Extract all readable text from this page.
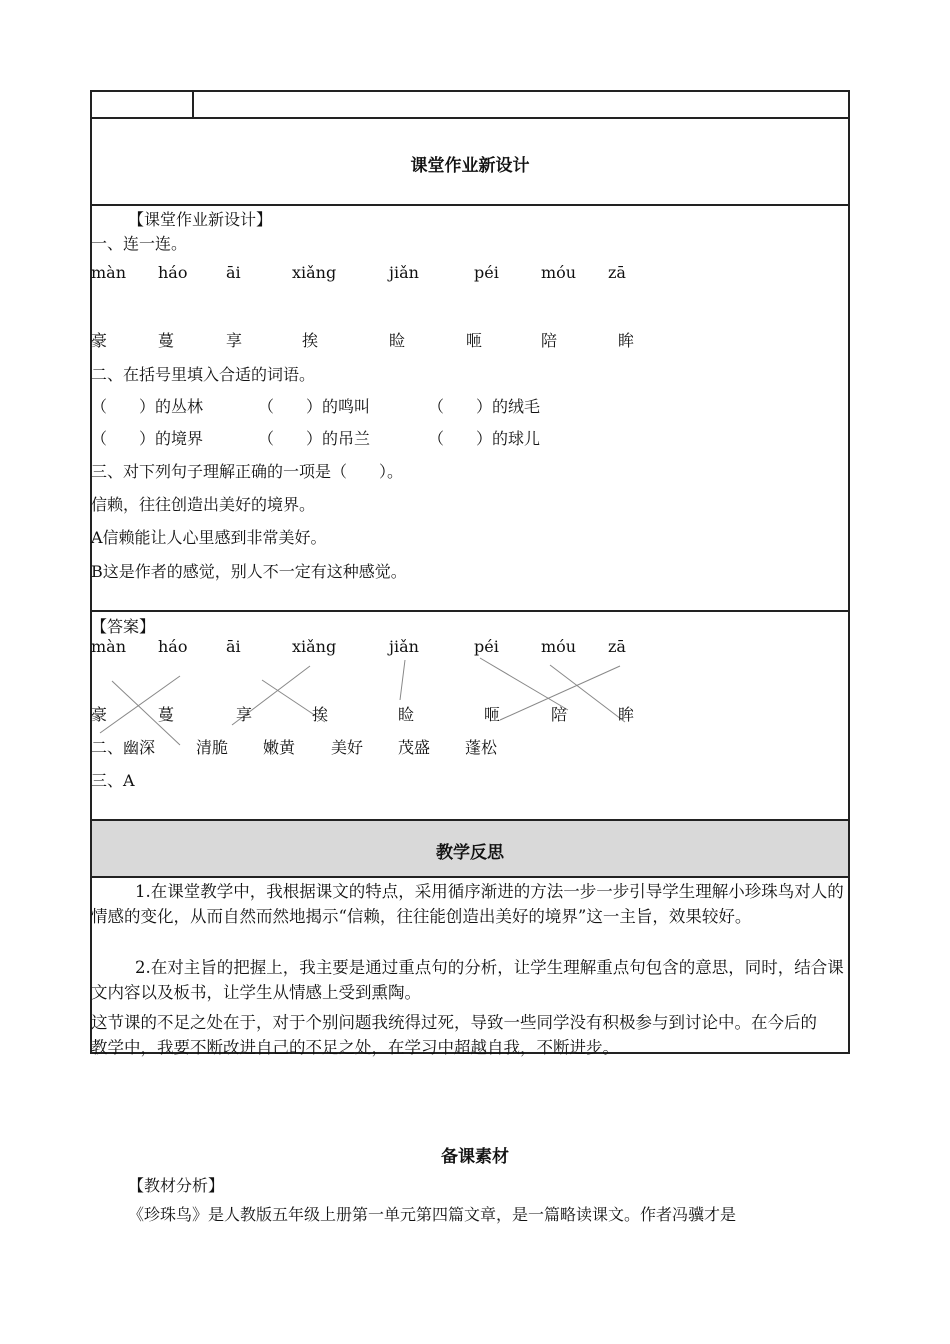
课堂作业新设计
【课堂作业新设计】
一、连一连。
màn háo āi	xiǎng	jiǎn	péi	móu zā
豪	蔓	享	挨	睑	咂	陪	眸
二、在括号里填入合适的词语。
（　　）的丛林	（　　）的鸣叫	（　　）的绒毛
（　　）的境界	（　　）的吊兰	（　　）的球儿
三、对下列句子理解正确的一项是（　　）。
信赖，往往创造出美好的境界。
A信赖能让人心里感到非常美好。
B这是作者的感觉，别人不一定有这种感觉。
【答案】
màn háo āi	xiǎng	jiǎn	péi	móu zā
豪	蔓	享	挨	睑	咂	陪	眸
二、幽深	清脆 嫩黄 美好 茂盛 蓬松
三、A
教学反思
1.在课堂教学中，我根据课文的特点，采用循序渐进的方法一步一步引导学生理解小珍珠鸟对人的情感的变化，从而自然而然地揭示“信赖，往往能创造出美好的境界”这一主旨，效果较好。
2.在对主旨的把握上，我主要是通过重点句的分析，让学生理解重点句包含的意思，同时，结合课文内容以及板书，让学生从情感上受到熏陶。
这节课的不足之处在于，对于个别问题我统得过死，导致一些同学没有积极参与到讨论中。在今后的教学中，我要不断改进自己的不足之处，在学习中超越自我，不断进步。
备课素材
【教材分析】
《珍珠鸟》是人教版五年级上册第一单元第四篇文章，是一篇略读课文。作者冯骥才是
